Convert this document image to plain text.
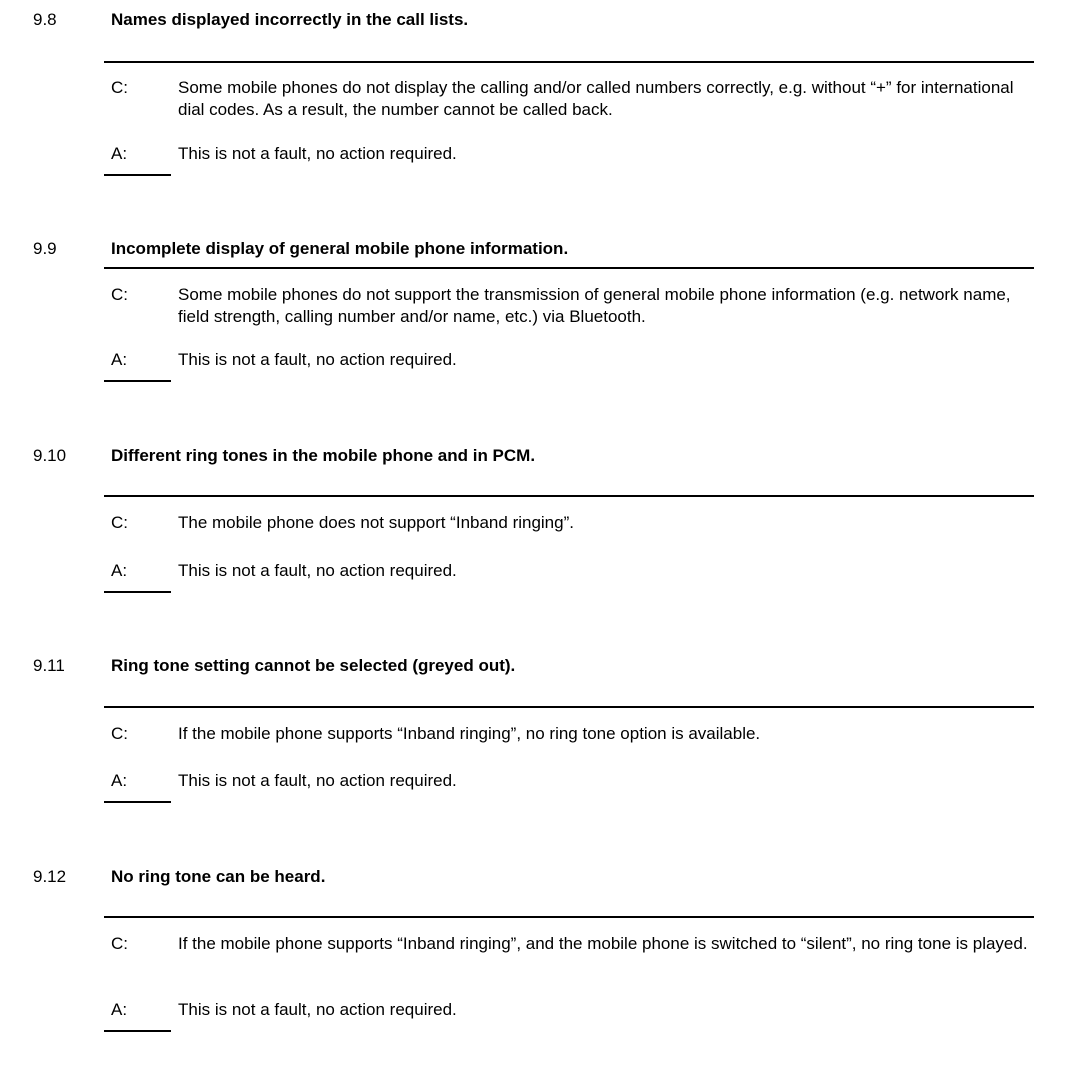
9.8	Names displayed incorrectly in the call lists.
C:	Some mobile phones do not display the calling and/or called numbers correctly, e.g. without “+” for international dial codes. As a result, the number cannot be called back.
A:	This is not a fault, no action required.
9.9	Incomplete display of general mobile phone information.
C:	Some mobile phones do not support the transmission of general mobile phone information (e.g. network name, field strength, calling number and/or name, etc.) via Bluetooth.
A:	This is not a fault, no action required.
9.10	Different ring tones in the mobile phone and in PCM.
C:	The mobile phone does not support “Inband ringing”.
A:	This is not a fault, no action required.
9.11	Ring tone setting cannot be selected (greyed out).
C:	If the mobile phone supports “Inband ringing”, no ring tone option is available.
A:	This is not a fault, no action required.
9.12	No ring tone can be heard.
C:	If the mobile phone supports “Inband ringing”, and the mobile phone is switched to “silent”, no ring tone is played.
A:	This is not a fault, no action required.
